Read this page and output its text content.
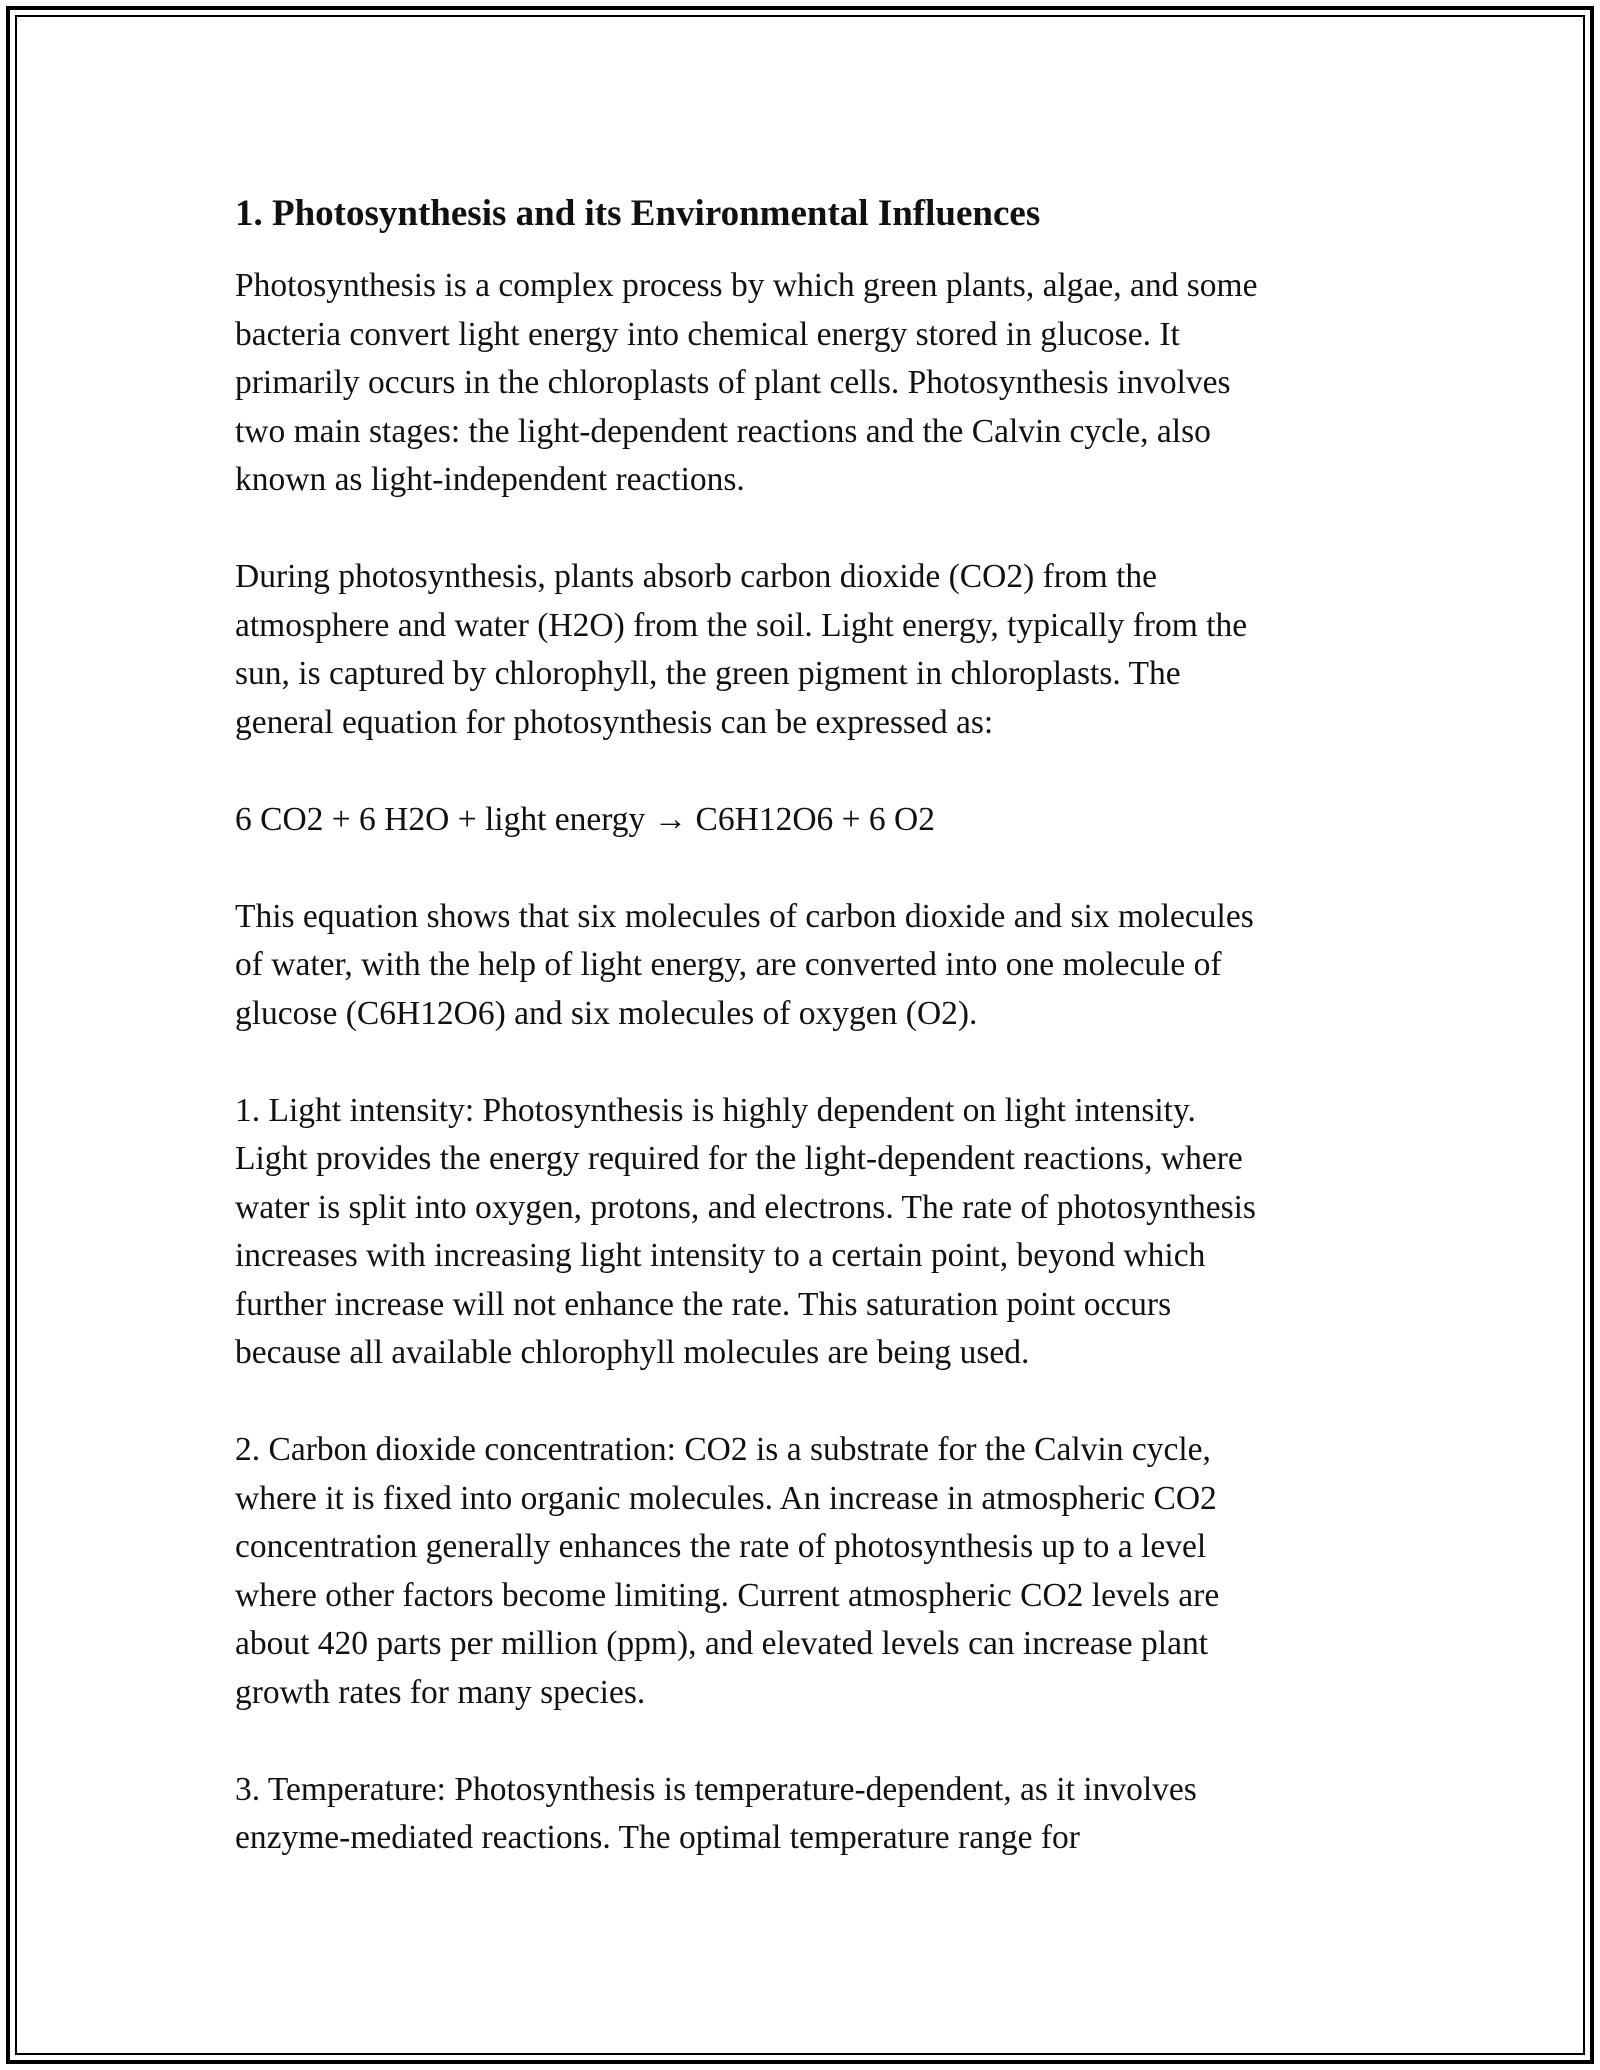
1. Photosynthesis and its Environmental Influences

Photosynthesis is a complex process by which green plants, algae, and some
bacteria convert light energy into chemical energy stored in glucose. It
primarily occurs in the chloroplasts of plant cells. Photosynthesis involves
two main stages: the light-dependent reactions and the Calvin cycle, also
known as light-independent reactions.

During photosynthesis, plants absorb carbon dioxide (CO2) from the
atmosphere and water (H2O) from the soil. Light energy, typically from the
sun, is captured by chlorophyll, the green pigment in chloroplasts. The
general equation for photosynthesis can be expressed as:

6 CO2 + 6 H2O + light energy → C6H12O6 + 6 O2

This equation shows that six molecules of carbon dioxide and six molecules
of water, with the help of light energy, are converted into one molecule of
glucose (C6H12O6) and six molecules of oxygen (O2).

1. Light intensity: Photosynthesis is highly dependent on light intensity.
Light provides the energy required for the light-dependent reactions, where
water is split into oxygen, protons, and electrons. The rate of photosynthesis
increases with increasing light intensity to a certain point, beyond which
further increase will not enhance the rate. This saturation point occurs
because all available chlorophyll molecules are being used.

2. Carbon dioxide concentration: CO2 is a substrate for the Calvin cycle,
where it is fixed into organic molecules. An increase in atmospheric CO2
concentration generally enhances the rate of photosynthesis up to a level
where other factors become limiting. Current atmospheric CO2 levels are
about 420 parts per million (ppm), and elevated levels can increase plant
growth rates for many species.

3. Temperature: Photosynthesis is temperature-dependent, as it involves
enzyme-mediated reactions. The optimal temperature range for
